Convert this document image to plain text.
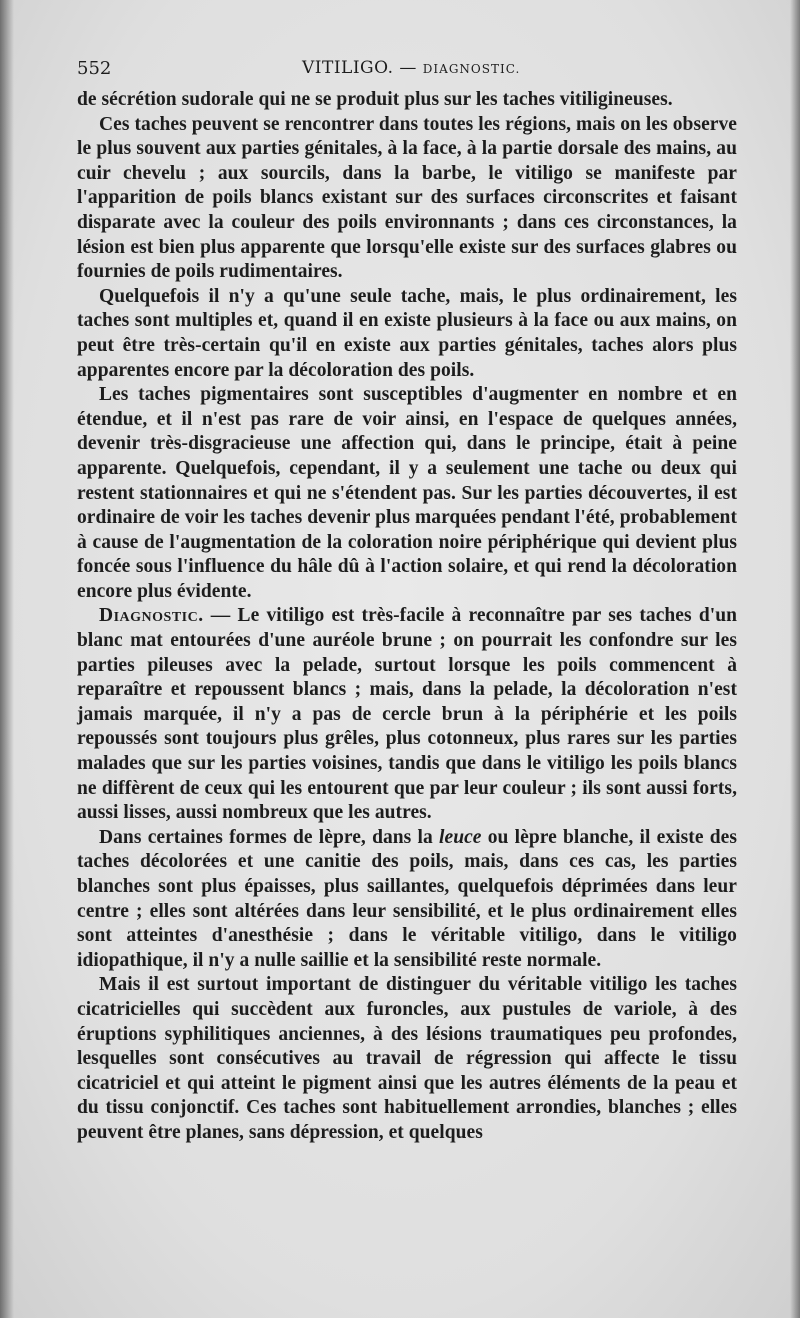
552	VITILIGO. — DIAGNOSTIC.

de sécrétion sudorale qui ne se produit plus sur les taches vitiligineuses.

Ces taches peuvent se rencontrer dans toutes les régions, mais on les observe le plus souvent aux parties génitales, à la face, à la partie dorsale des mains, au cuir chevelu ; aux sourcils, dans la barbe, le vitiligo se manifeste par l'apparition de poils blancs existant sur des surfaces circonscrites et faisant disparate avec la couleur des poils environnants ; dans ces circonstances, la lésion est bien plus apparente que lorsqu'elle existe sur des surfaces glabres ou fournies de poils rudimentaires.

Quelquefois il n'y a qu'une seule tache, mais, le plus ordinairement, les taches sont multiples et, quand il en existe plusieurs à la face ou aux mains, on peut être très-certain qu'il en existe aux parties génitales, taches alors plus apparentes encore par la décoloration des poils.

Les taches pigmentaires sont susceptibles d'augmenter en nombre et en étendue, et il n'est pas rare de voir ainsi, en l'espace de quelques années, devenir très-disgracieuse une affection qui, dans le principe, était à peine apparente. Quelquefois, cependant, il y a seulement une tache ou deux qui restent stationnaires et qui ne s'étendent pas. Sur les parties découvertes, il est ordinaire de voir les taches devenir plus marquées pendant l'été, probablement à cause de l'augmentation de la coloration noire périphérique qui devient plus foncée sous l'influence du hâle dû à l'action solaire, et qui rend la décoloration encore plus évidente.

Diagnostic. — Le vitiligo est très-facile à reconnaître par ses taches d'un blanc mat entourées d'une auréole brune ; on pourrait les confondre sur les parties pileuses avec la pelade, surtout lorsque les poils commencent à reparaître et repoussent blancs ; mais, dans la pelade, la décoloration n'est jamais marquée, il n'y a pas de cercle brun à la périphérie et les poils repoussés sont toujours plus grêles, plus cotonneux, plus rares sur les parties malades que sur les parties voisines, tandis que dans le vitiligo les poils blancs ne diffèrent de ceux qui les entourent que par leur couleur ; ils sont aussi forts, aussi lisses, aussi nombreux que les autres.

Dans certaines formes de lèpre, dans la leuce ou lèpre blanche, il existe des taches décolorées et une canitie des poils, mais, dans ces cas, les parties blanches sont plus épaisses, plus saillantes, quelquefois déprimées dans leur centre ; elles sont altérées dans leur sensibilité, et le plus ordinairement elles sont atteintes d'anesthésie ; dans le véritable vitiligo, dans le vitiligo idiopathique, il n'y a nulle saillie et la sensibilité reste normale.

Mais il est surtout important de distinguer du véritable vitiligo les taches cicatricielles qui succèdent aux furoncles, aux pustules de variole, à des éruptions syphilitiques anciennes, à des lésions traumatiques peu profondes, lesquelles sont consécutives au travail de régression qui affecte le tissu cicatriciel et qui atteint le pigment ainsi que les autres éléments de la peau et du tissu conjonctif. Ces taches sont habituellement arrondies, blanches ; elles peuvent être planes, sans dépression, et quelques
